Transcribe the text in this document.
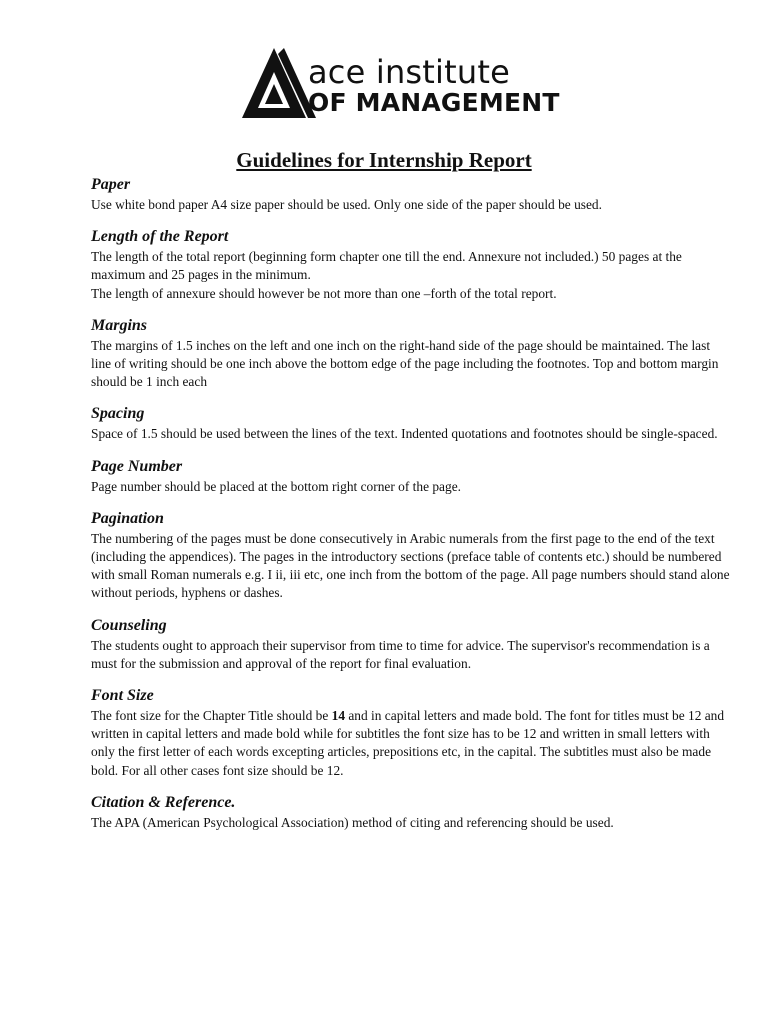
ace institute
OF MANAGEMENT
Guidelines for Internship Report
Paper

Use white bond paper A4 size paper should be used. Only one side of the paper should be used.

Length of the Report

The length of the total report (beginning form chapter one till the end. Annexure not included.) 50 pages at the maximum and 25 pages in the minimum.

The length of annexure should however be not more than one –forth of the total report.

Margins

The margins of 1.5 inches on the left and one inch on the right-hand side of the page should be maintained. The last line of writing should be one inch above the bottom edge of the page including the footnotes. Top and bottom margin should be 1 inch each

Spacing

Space of 1.5 should be used between the lines of the text. Indented quotations and footnotes should be single-spaced.

Page Number

Page number should be placed at the bottom right corner of the page.

Pagination

The numbering of the pages must be done consecutively in Arabic numerals from the first page to the end of the text (including the appendices). The pages in the introductory sections (preface table of contents etc.) should be numbered with small Roman numerals e.g. I ii, iii etc, one inch from the bottom of the page. All page numbers should stand alone without periods, hyphens or dashes.

Counseling

The students ought to approach their supervisor from time to time for advice. The supervisor's recommendation is a must for the submission and approval of the report for final evaluation.

Font Size

The font size for the Chapter Title should be 14 and in capital letters and made bold. The font for titles must be 12 and written in capital letters and made bold while for subtitles the font size has to be 12 and written in small letters with only the first letter of each words excepting articles, prepositions etc, in the capital. The subtitles must also be made bold. For all other cases font size should be 12.

Citation & Reference.

The APA (American Psychological Association) method of citing and referencing should be used.
